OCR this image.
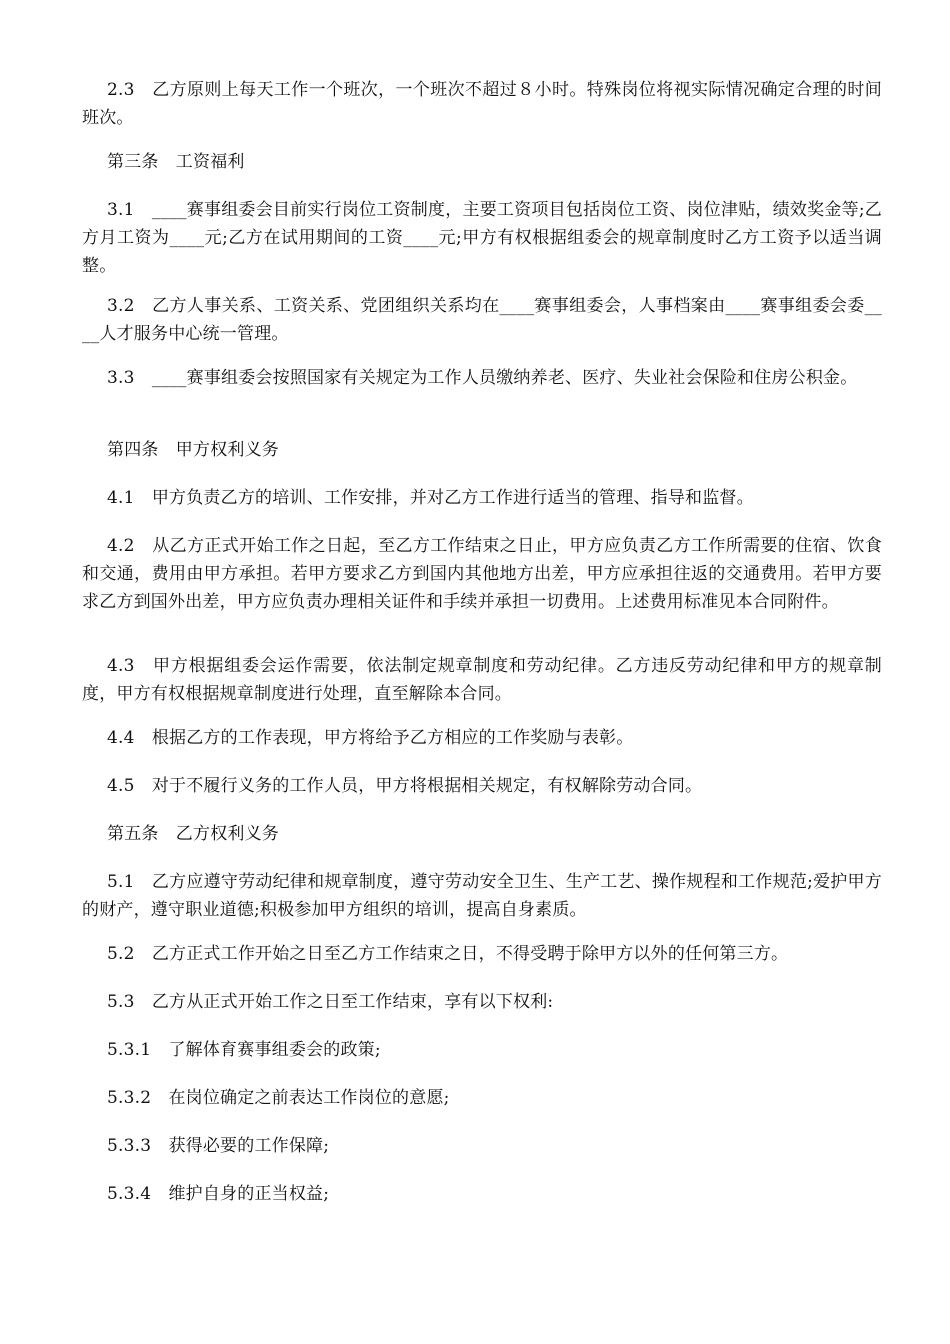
2.3　乙方原则上每天工作一个班次，一个班次不超过８小时。特殊岗位将视实际情况确定合理的时间班次。

第三条　工资福利

3.1　____赛事组委会目前实行岗位工资制度，主要工资项目包括岗位工资、岗位津贴，绩效奖金等;乙方月工资为____元;乙方在试用期间的工资____元;甲方有权根据组委会的规章制度时乙方工资予以适当调整。

3.2　乙方人事关系、工资关系、党团组织关系均在____赛事组委会，人事档案由____赛事组委会委____人才服务中心统一管理。

3.3　____赛事组委会按照国家有关规定为工作人员缴纳养老、医疗、失业社会保险和住房公积金。

第四条　甲方权利义务

4.1　甲方负责乙方的培训、工作安排，并对乙方工作进行适当的管理、指导和监督。

4.2　从乙方正式开始工作之日起，至乙方工作结束之日止，甲方应负责乙方工作所需要的住宿、饮食和交通，费用由甲方承担。若甲方要求乙方到国内其他地方出差，甲方应承担往返的交通费用。若甲方要求乙方到国外出差，甲方应负责办理相关证件和手续并承担一切费用。上述费用标准见本合同附件。

4.3　甲方根据组委会运作需要，依法制定规章制度和劳动纪律。乙方违反劳动纪律和甲方的规章制度，甲方有权根据规章制度进行处理，直至解除本合同。

4.4　根据乙方的工作表现，甲方将给予乙方相应的工作奖励与表彰。

4.5　对于不履行义务的工作人员，甲方将根据相关规定，有权解除劳动合同。

第五条　乙方权利义务

5.1　乙方应遵守劳动纪律和规章制度，遵守劳动安全卫生、生产工艺、操作规程和工作规范;爱护甲方的财产，遵守职业道德;积极参加甲方组织的培训，提高自身素质。

5.2　乙方正式工作开始之日至乙方工作结束之日，不得受聘于除甲方以外的任何第三方。

5.3　乙方从正式开始工作之日至工作结束，享有以下权利:

5.3.1　了解体育赛事组委会的政策;

5.3.2　在岗位确定之前表达工作岗位的意愿;

5.3.3　获得必要的工作保障;

5.3.4　维护自身的正当权益;
